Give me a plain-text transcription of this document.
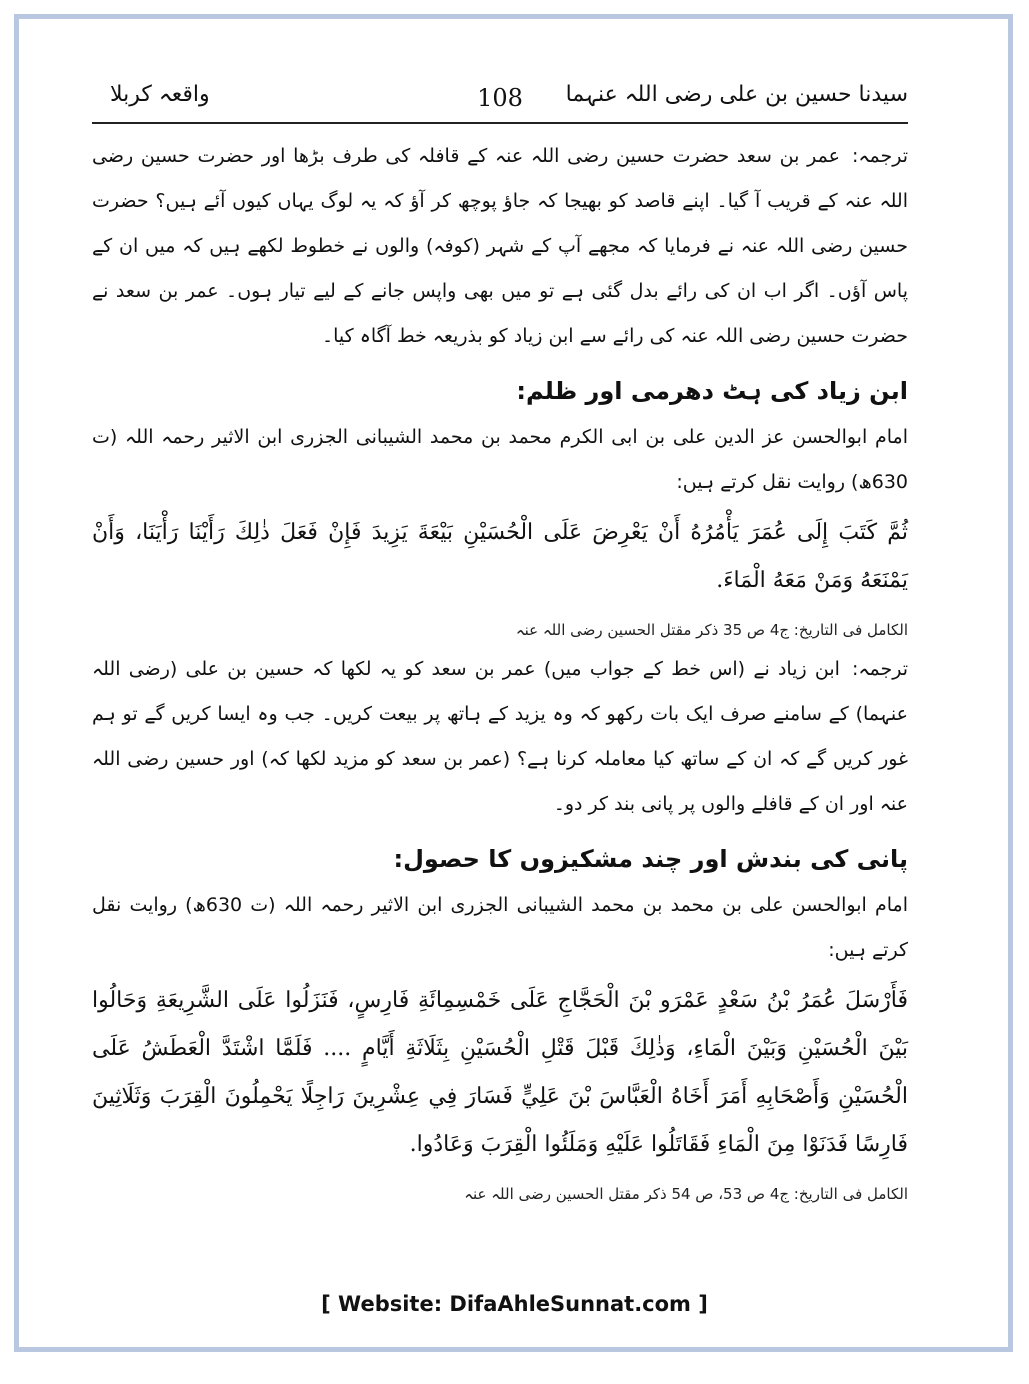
سیدنا حسین بن علی رضی اللہ عنہما
108
واقعہ کربلا

ترجمہ:عمر بن سعد حضرت حسین رضی اللہ عنہ کے قافلہ کی طرف بڑھا اور حضرت حسین رضی اللہ عنہ کے قریب آ گیا۔ اپنے قاصد کو بھیجا کہ جاؤ پوچھ کر آؤ کہ یہ لوگ یہاں کیوں آئے ہیں؟ حضرت حسین رضی اللہ عنہ نے فرمایا کہ مجھے آپ کے شہر (کوفہ) والوں نے خطوط لکھے ہیں کہ میں ان کے پاس آؤں۔ اگر اب ان کی رائے بدل گئی ہے تو میں بھی واپس جانے کے لیے تیار ہوں۔ عمر بن سعد نے حضرت حسین رضی اللہ عنہ کی رائے سے ابن زیاد کو بذریعہ خط آگاہ کیا۔

ابن زیاد کی ہٹ دھرمی اور ظلم:

امام ابوالحسن عز الدین علی بن ابی الکرم محمد بن محمد الشیبانی الجزری ابن الاثیر رحمہ اللہ (ت 630ھ) روایت نقل کرتے ہیں:

ثُمَّ كَتَبَ إِلَى عُمَرَ يَأْمُرُهُ أَنْ يَعْرِضَ عَلَى الْحُسَيْنِ بَيْعَةَ يَزِيدَ فَإِنْ فَعَلَ ذٰلِكَ رَأَيْنَا رَأْيَنَا، وَأَنْ يَمْنَعَهُ وَمَنْ مَعَهُ الْمَاءَ.

الکامل فی التاریخ: ج4 ص 35 ذکر مقتل الحسین رضی اللہ عنہ

ترجمہ:ابن زیاد نے (اس خط کے جواب میں) عمر بن سعد کو یہ لکھا کہ حسین بن علی (رضی اللہ عنہما) کے سامنے صرف ایک بات رکھو کہ وہ یزید کے ہاتھ پر بیعت کریں۔ جب وہ ایسا کریں گے تو ہم غور کریں گے کہ ان کے ساتھ کیا معاملہ کرنا ہے؟ (عمر بن سعد کو مزید لکھا کہ) اور حسین رضی اللہ عنہ اور ان کے قافلے والوں پر پانی بند کر دو۔

پانی کی بندش اور چند مشکیزوں کا حصول:

امام ابوالحسن علی بن محمد بن محمد الشیبانی الجزری ابن الاثیر رحمہ اللہ (ت 630ھ) روایت نقل کرتے ہیں:

فَأَرْسَلَ عُمَرُ بْنُ سَعْدٍ عَمْرَو بْنَ الْحَجَّاجِ عَلَى خَمْسِمِائَةِ فَارِسٍ، فَنَزَلُوا عَلَى الشَّرِيعَةِ وَحَالُوا بَيْنَ الْحُسَيْنِ وَبَيْنَ الْمَاءِ، وَذٰلِكَ قَبْلَ قَتْلِ الْحُسَيْنِ بِثَلَاثَةِ أَيَّامٍ .... فَلَمَّا اشْتَدَّ الْعَطَشُ عَلَى الْحُسَيْنِ وَأَصْحَابِهِ أَمَرَ أَخَاهُ الْعَبَّاسَ بْنَ عَلِيٍّ فَسَارَ فِي عِشْرِينَ رَاجِلًا يَحْمِلُونَ الْقِرَبَ وَثَلَاثِينَ فَارِسًا فَدَنَوْا مِنَ الْمَاءِ فَقَاتَلُوا عَلَيْهِ وَمَلَئُوا الْقِرَبَ وَعَادُوا.

الکامل فی التاریخ: ج4 ص 53، ص 54 ذکر مقتل الحسین رضی اللہ عنہ

[ Website: DifaAhleSunnat.com ]
